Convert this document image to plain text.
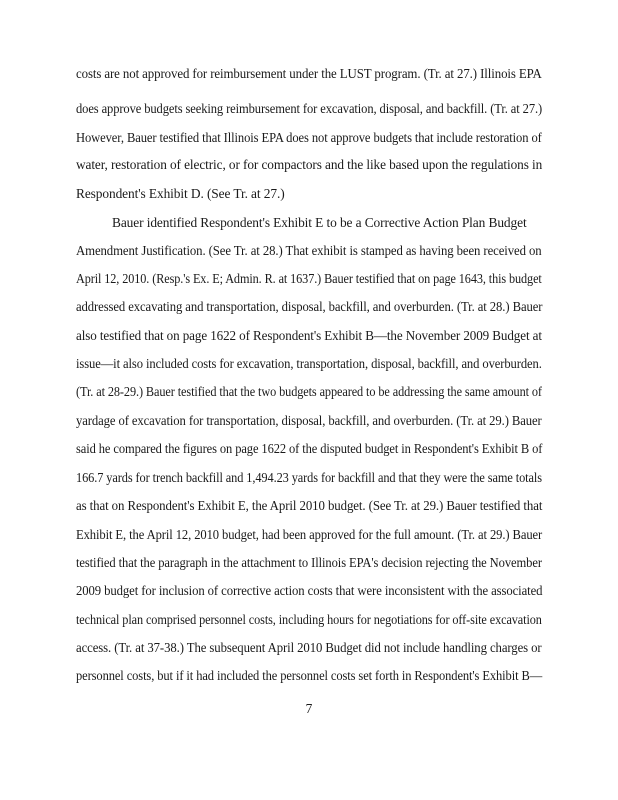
costs are not approved for reimbursement under the LUST program. (Tr. at 27.) Illinois EPA
does approve budgets seeking reimbursement for excavation, disposal, and backfill. (Tr. at 27.)
However, Bauer testified that Illinois EPA does not approve budgets that include restoration of
water, restoration of electric, or for compactors and the like based upon the regulations in
Respondent's Exhibit D. (See Tr. at 27.)
Bauer identified Respondent's Exhibit E to be a Corrective Action Plan Budget
Amendment Justification. (See Tr. at 28.) That exhibit is stamped as having been received on
April 12, 2010. (Resp.'s Ex. E; Admin. R. at 1637.) Bauer testified that on page 1643, this budget
addressed excavating and transportation, disposal, backfill, and overburden. (Tr. at 28.) Bauer
also testified that on page 1622 of Respondent's Exhibit B—the November 2009 Budget at
issue—it also included costs for excavation, transportation, disposal, backfill, and overburden.
(Tr. at 28-29.) Bauer testified that the two budgets appeared to be addressing the same amount of
yardage of excavation for transportation, disposal, backfill, and overburden. (Tr. at 29.) Bauer
said he compared the figures on page 1622 of the disputed budget in Respondent's Exhibit B of
166.7 yards for trench backfill and 1,494.23 yards for backfill and that they were the same totals
as that on Respondent's Exhibit E, the April 2010 budget. (See Tr. at 29.) Bauer testified that
Exhibit E, the April 12, 2010 budget, had been approved for the full amount. (Tr. at 29.) Bauer
testified that the paragraph in the attachment to Illinois EPA's decision rejecting the November
2009 budget for inclusion of corrective action costs that were inconsistent with the associated
technical plan comprised personnel costs, including hours for negotiations for off-site excavation
access. (Tr. at 37-38.) The subsequent April 2010 Budget did not include handling charges or
personnel costs, but if it had included the personnel costs set forth in Respondent's Exhibit B—
7
